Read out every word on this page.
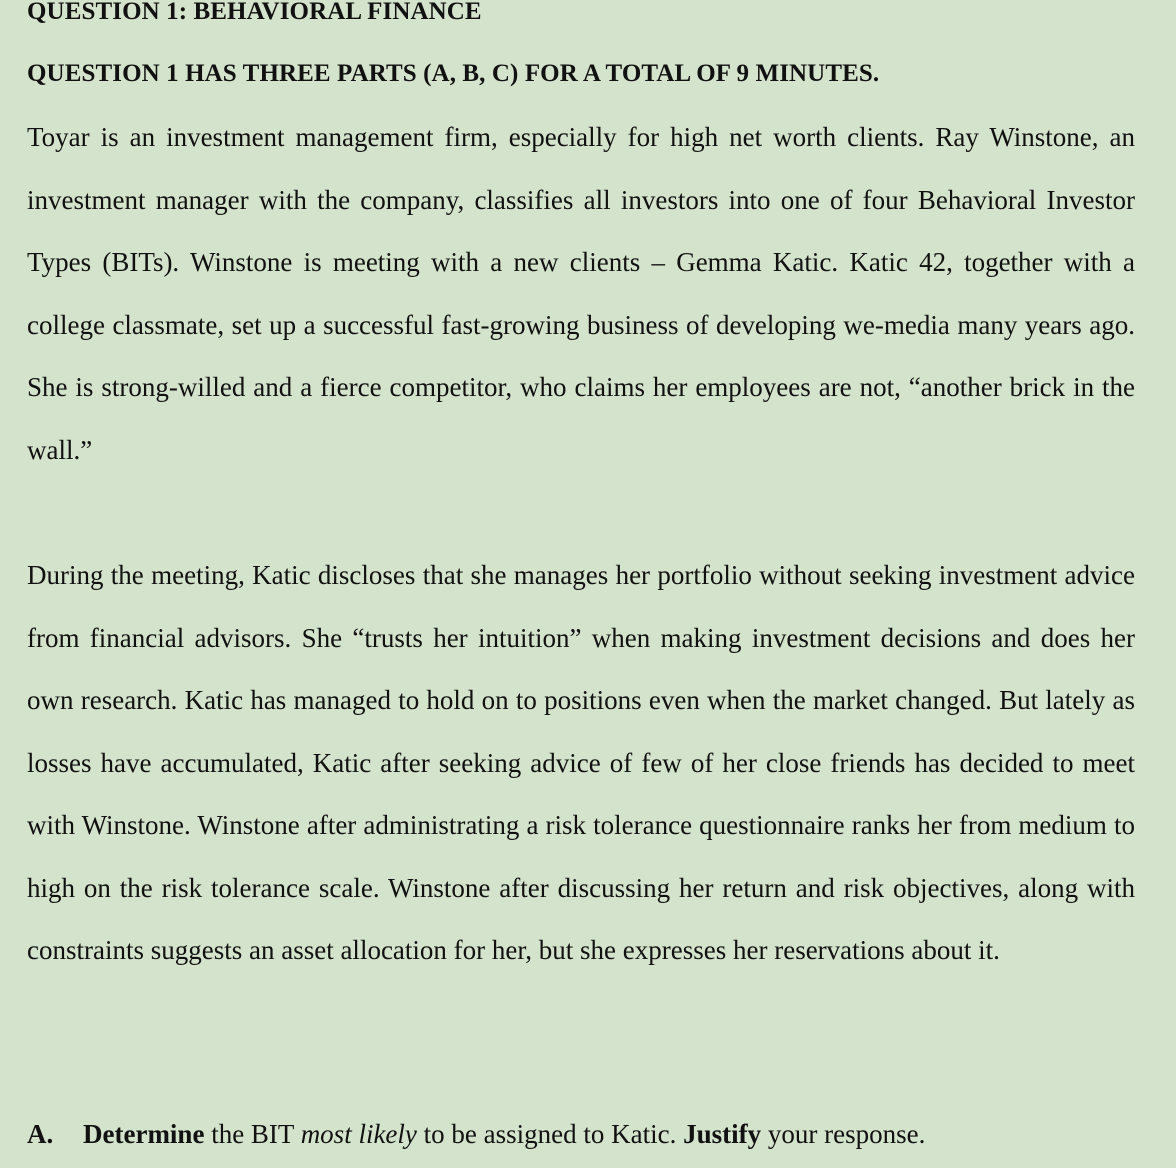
QUESTION 1: BEHAVIORAL FINANCE

QUESTION 1 HAS THREE PARTS (A, B, C) FOR A TOTAL OF 9 MINUTES.

Toyar is an investment management firm, especially for high net worth clients. Ray Winstone, an investment manager with the company, classifies all investors into one of four Behavioral Investor Types (BITs). Winstone is meeting with a new clients – Gemma Katic. Katic 42, together with a college classmate, set up a successful fast-growing business of developing we-media many years ago. She is strong-willed and a fierce competitor, who claims her employees are not, “another brick in the wall.”

During the meeting, Katic discloses that she manages her portfolio without seeking investment advice from financial advisors. She “trusts her intuition” when making investment decisions and does her own research. Katic has managed to hold on to positions even when the market changed. But lately as losses have accumulated, Katic after seeking advice of few of her close friends has decided to meet with Winstone. Winstone after administrating a risk tolerance questionnaire ranks her from medium to high on the risk tolerance scale. Winstone after discussing her return and risk objectives, along with constraints suggests an asset allocation for her, but she expresses her reservations about it.

A. Determine the BIT most likely to be assigned to Katic. Justify your response.
